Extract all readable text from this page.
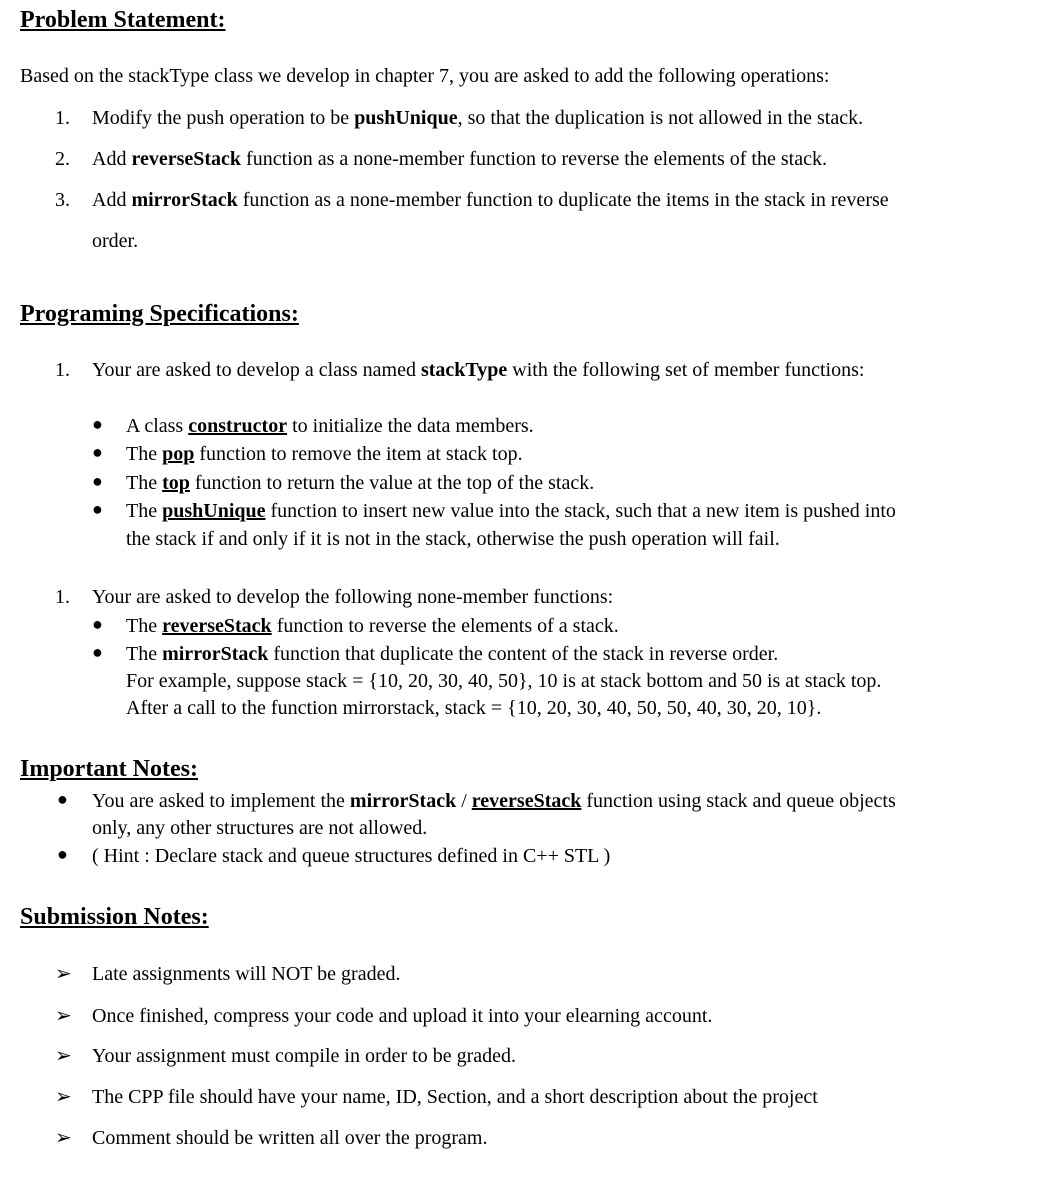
Problem Statement:
Based on the stackType class we develop in chapter 7, you are asked to add the following operations:
1. Modify the push operation to be pushUnique, so that the duplication is not allowed in the stack.
2. Add reverseStack function as a none-member function to reverse the elements of the stack.
3. Add mirrorStack function as a none-member function to duplicate the items in the stack in reverse
order.
Programing Specifications:
1. Your are asked to develop a class named stackType with the following set of member functions:
● A class constructor to initialize the data members.
● The pop function to remove the item at stack top.
● The top function to return the value at the top of the stack.
● The pushUnique function to insert new value into the stack, such that a new item is pushed into
the stack if and only if it is not in the stack, otherwise the push operation will fail.
1. Your are asked to develop the following none-member functions:
● The reverseStack function to reverse the elements of a stack.
● The mirrorStack function that duplicate the content of the stack in reverse order.
For example, suppose stack = {10, 20, 30, 40, 50}, 10 is at stack bottom and 50 is at stack top.
After a call to the function mirrorstack, stack = {10, 20, 30, 40, 50, 50, 40, 30, 20, 10}.
Important Notes:
● You are asked to implement the mirrorStack / reverseStack function using stack and queue objects
only, any other structures are not allowed.
● ( Hint : Declare stack and queue structures defined in C++ STL )
Submission Notes:
➢ Late assignments will NOT be graded.
➢ Once finished, compress your code and upload it into your elearning account.
➢ Your assignment must compile in order to be graded.
➢ The CPP file should have your name, ID, Section, and a short description about the project
➢ Comment should be written all over the program.
